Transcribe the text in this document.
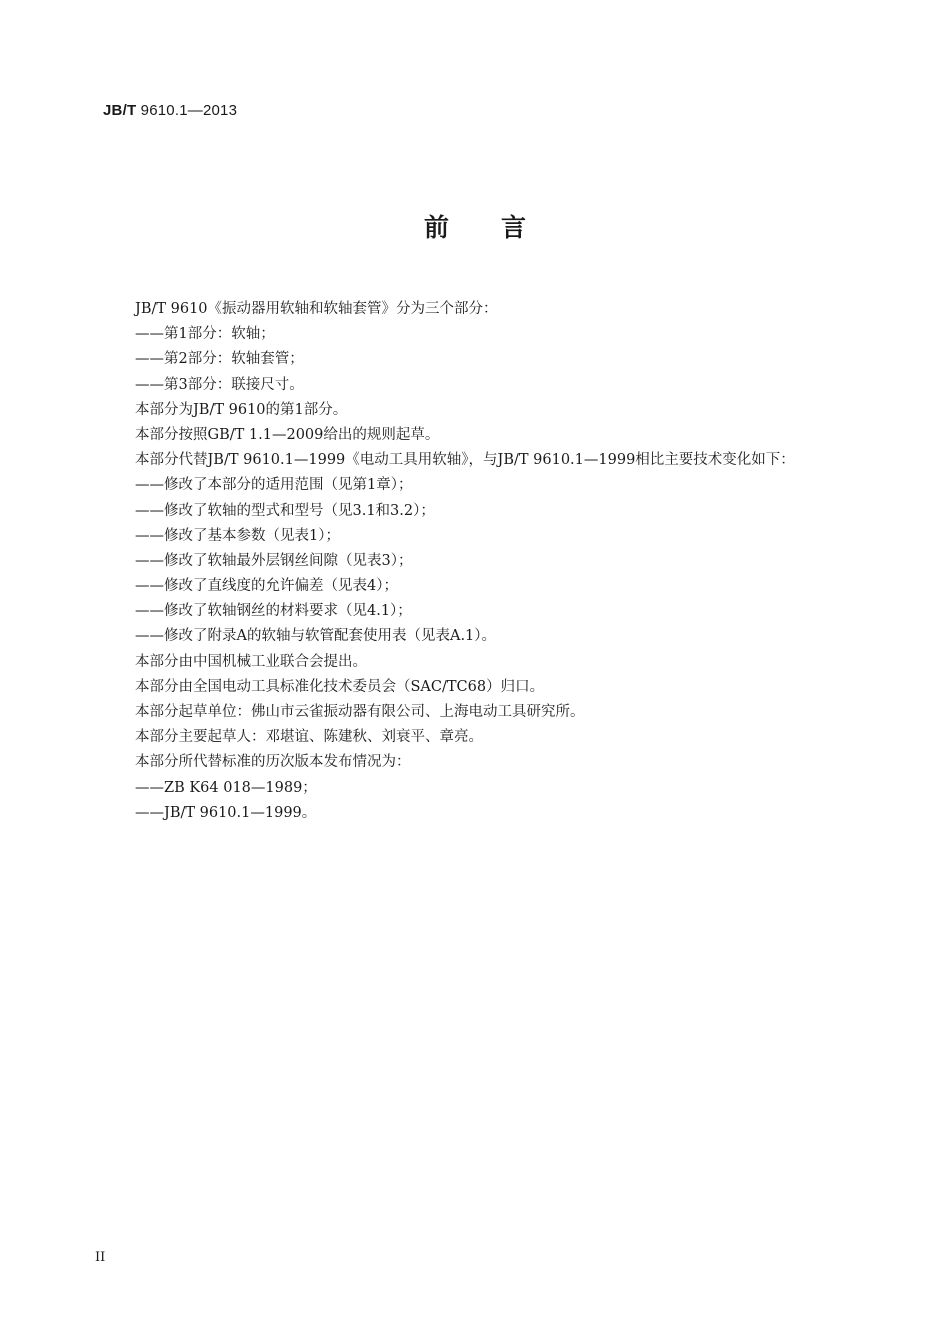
JB/T 9610.1—2013

前言

JB/T 9610《振动器用软轴和软轴套管》分为三个部分：

——第1部分：软轴；

——第2部分：软轴套管；

——第3部分：联接尺寸。

本部分为JB/T 9610的第1部分。

本部分按照GB/T 1.1—2009给出的规则起草。

本部分代替JB/T 9610.1—1999《电动工具用软轴》，与JB/T 9610.1—1999相比主要技术变化如下：

——修改了本部分的适用范围（见第1章）；

——修改了软轴的型式和型号（见3.1和3.2）；

——修改了基本参数（见表1）；

——修改了软轴最外层钢丝间隙（见表3）；

——修改了直线度的允许偏差（见表4）；

——修改了软轴钢丝的材料要求（见4.1）；

——修改了附录A的软轴与软管配套使用表（见表A.1）。

本部分由中国机械工业联合会提出。

本部分由全国电动工具标准化技术委员会（SAC/TC68）归口。

本部分起草单位：佛山市云雀振动器有限公司、上海电动工具研究所。

本部分主要起草人：邓堪谊、陈建秋、刘衰平、章亮。

本部分所代替标准的历次版本发布情况为：

——ZB K64 018—1989；

——JB/T 9610.1—1999。

II
